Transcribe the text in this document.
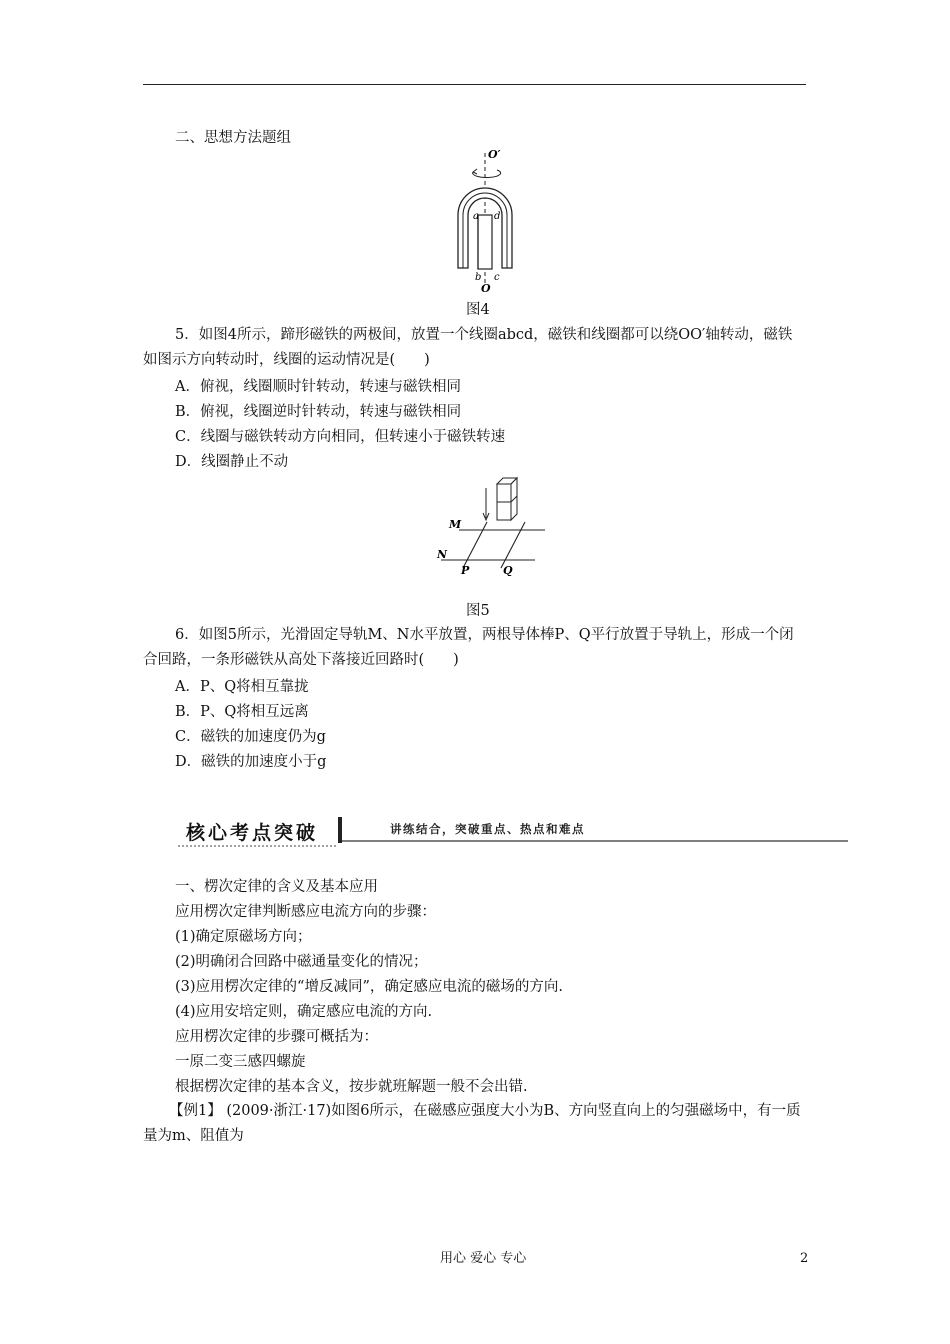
二、思想方法题组
O′
a d
b c
O
图4
5．如图4所示，蹄形磁铁的两极间，放置一个线圈abcd，磁铁和线圈都可以绕OO′轴转动，磁铁如图示方向转动时，线圈的运动情况是(　　)
A．俯视，线圈顺时针转动，转速与磁铁相同
B．俯视，线圈逆时针转动，转速与磁铁相同
C．线圈与磁铁转动方向相同，但转速小于磁铁转速
D．线圈静止不动
M
N
P	Q
图5
6．如图5所示，光滑固定导轨M、N水平放置，两根导体棒P、Q平行放置于导轨上，形成一个闭合回路，一条形磁铁从高处下落接近回路时(　　)
A．P、Q将相互靠拢
B．P、Q将相互远离
C．磁铁的加速度仍为g
D．磁铁的加速度小于g
核心考点突破	讲练结合，突破重点、热点和难点
一、楞次定律的含义及基本应用
应用楞次定律判断感应电流方向的步骤：
(1)确定原磁场方向；
(2)明确闭合回路中磁通量变化的情况；
(3)应用楞次定律的“增反减同”，确定感应电流的磁场的方向.
(4)应用安培定则，确定感应电流的方向.
应用楞次定律的步骤可概括为：
一原二变三感四螺旋
根据楞次定律的基本含义，按步就班解题一般不会出错.
【例1】 (2009·浙江·17)如图6所示，在磁感应强度大小为B、方向竖直向上的匀强磁场中，有一质量为m、阻值为
用心 爱心 专心	2
